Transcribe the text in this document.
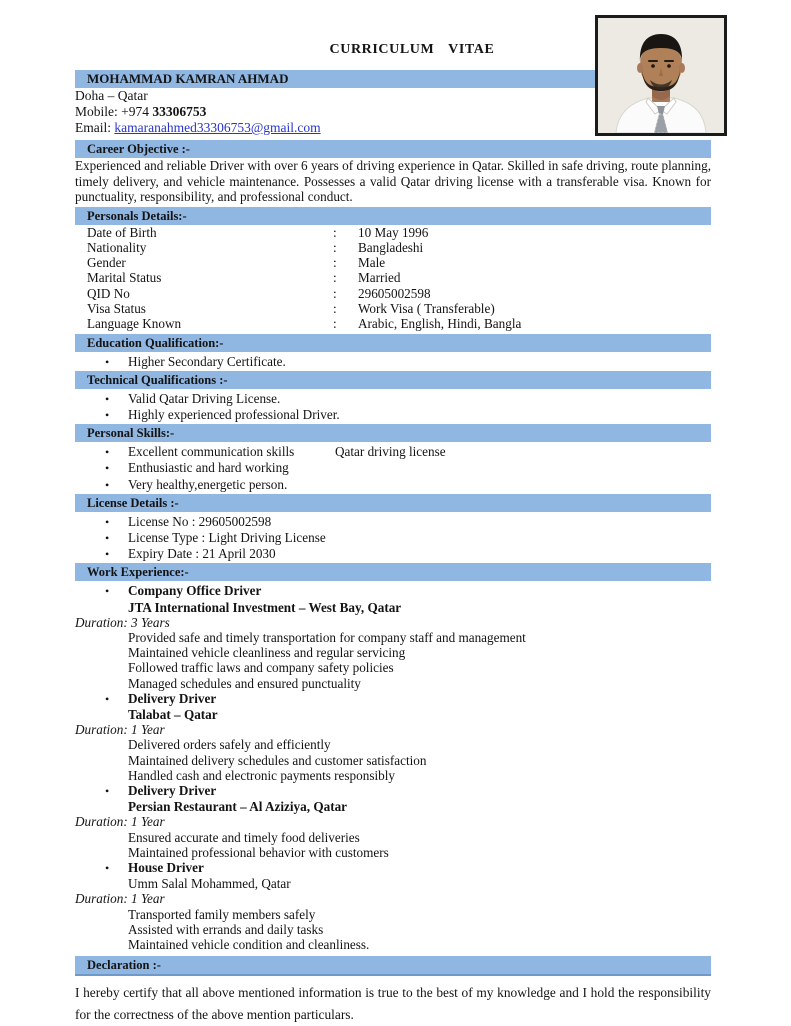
CURRICULUM VITAE
MOHAMMAD KAMRAN AHMAD
Doha – Qatar
Mobile: +974 33306753
Email: kamaranahmed33306753@gmail.com
Career Objective :-
Experienced and reliable Driver with over 6 years of driving experience in Qatar. Skilled in safe driving, route planning, timely delivery, and vehicle maintenance. Possesses a valid Qatar driving license with a transferable visa. Known for punctuality, responsibility, and professional conduct.
Personals Details:-
Date of Birth	: 10 May 1996
Nationality	: Bangladeshi
Gender	: Male
Marital Status	: Married
QID No	: 29605002598
Visa Status	: Work Visa ( Transferable)
Language Known	: Arabic, English, Hindi, Bangla
Education Qualification:-
• Higher Secondary Certificate.
Technical Qualifications :-
• Valid Qatar Driving License.
• Highly experienced professional Driver.
Personal Skills:-
• Excellent communication skills	Qatar driving license
• Enthusiastic and hard working
• Very healthy,energetic person.
License Details :-
• License No : 29605002598
• License Type : Light Driving License
• Expiry Date : 21 April 2030
Work Experience:-
• Company Office Driver
JTA International Investment – West Bay, Qatar
Duration: 3 Years
Provided safe and timely transportation for company staff and management
Maintained vehicle cleanliness and regular servicing
Followed traffic laws and company safety policies
Managed schedules and ensured punctuality
• Delivery Driver
Talabat – Qatar
Duration: 1 Year
Delivered orders safely and efficiently
Maintained delivery schedules and customer satisfaction
Handled cash and electronic payments responsibly
• Delivery Driver
Persian Restaurant – Al Aziziya, Qatar
Duration: 1 Year
Ensured accurate and timely food deliveries
Maintained professional behavior with customers
• House Driver
Umm Salal Mohammed, Qatar
Duration: 1 Year
Transported family members safely
Assisted with errands and daily tasks
Maintained vehicle condition and cleanliness.
Declaration :-
I hereby certify that all above mentioned information is true to the best of my knowledge and I hold the responsibility for the correctness of the above mention particulars.
